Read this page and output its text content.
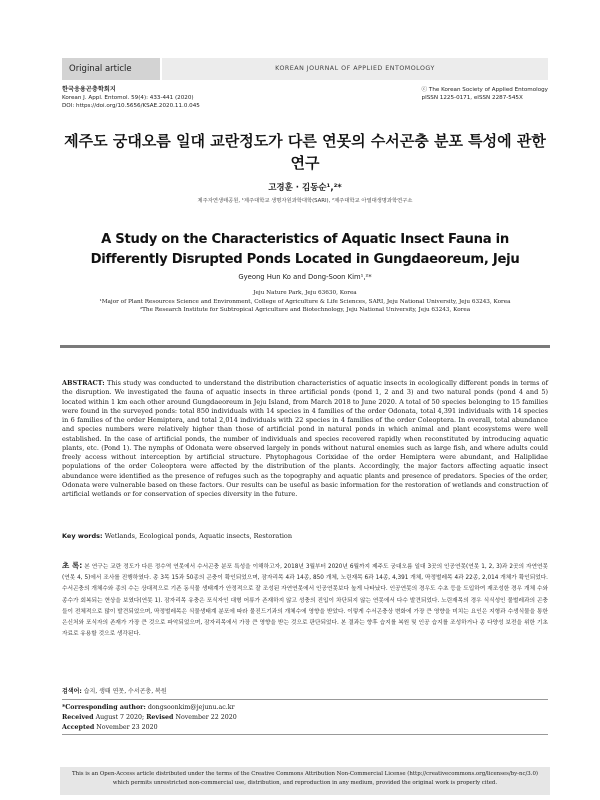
Original article	KOREAN JOURNAL OF APPLIED ENTOMOLOGY
한국응용곤충학회지
Korean J. Appl. Entomol. 59(4): 433-441 (2020)
DOI: https://doi.org/10.5656/KSAE.2020.11.0.045
ⓒ The Korean Society of Applied Entomology
pISSN 1225-0171, eISSN 2287-545X
제주도 궁대오름 일대 교란정도가 다른 연못의 수서곤충 분포 특성에 관한 연구
고경훈 · 김동순¹,²*
제주자연생태공원, ¹제주대학교 생명자원과학대학(SARI), ²제주대학교 아열대생명과학연구소
A Study on the Characteristics of Aquatic Insect Fauna in Differently Disrupted Ponds Located in Gungdaeoreum, Jeju
Gyeong Hun Ko and Dong-Soon Kim¹,²*
Jeju Nature Park, Jeju 63630, Korea
¹Major of Plant Resources Science and Environment, College of Agriculture & Life Sciences, SARI, Jeju National University, Jeju 63243, Korea
²The Research Institute for Subtropical Agriculture and Biotechnology, Jeju National University, Jeju 63243, Korea
ABSTRACT: This study was conducted to understand the distribution characteristics of aquatic insects in ecologically different ponds in terms of the disruption. We investigated the fauna of aquatic insects in three artificial ponds (pond 1, 2 and 3) and two natural ponds (pond 4 and 5) located within 1 km each other around Gungdaeoreum in Jeju Island, from March 2018 to June 2020. A total of 50 species belonging to 15 families were found in the surveyed ponds: total 850 individuals with 14 species in 4 families of the order Odonata, total 4,391 individuals with 14 species in 6 families of the order Hemiptera, and total 2,014 individuals with 22 species in 4 families of the order Coleoptera. In overall, total abundance and species numbers were relatively higher than those of artificial pond in natural ponds in which animal and plant ecosystems were well established. In the case of artificial ponds, the number of individuals and species recovered rapidly when reconstituted by introducing aquatic plants, etc. (Pond 1). The nymphs of Odonata were observed largely in ponds without natural enemies such as large fish, and where adults could freely access without interception by artificial structure. Phytophagous Corixidae of the order Hemiptera were abundant, and Haliplidae populations of the order Coleoptera were affected by the distribution of the plants. Accordingly, the major factors affecting aquatic insect abundance were identified as the presence of refuges such as the topography and aquatic plants and presence of predators. Species of the order, Odonata were vulnerable based on these factors. Our results can be useful as basic information for the restoration of wetlands and construction of artificial wetlands or for conservation of species diversity in the future.
Key words: Wetlands, Ecological ponds, Aquatic insects, Restoration
초 록: 본 연구는 교란 정도가 다른 정수역 연못에서 수서곤충 분포 특성을 이해하고자, 2018년 3월부터 2020년 6월까지 제주도 궁대오름 일대 3곳의 인공연못(연못 1, 2, 3)과 2곳의 자연연못(연못 4, 5)에서 조사를 진행하였다. 총 3목 15과 50종의 곤충이 확인되었으며, 잠자리목 4과 14종, 850 개체, 노린재목 6과 14종, 4,391 개체, 딱정벌레목 4과 22종, 2,014 개체가 확인되었다. 수서곤충의 개체수와 종의 수는 상대적으로 기존 동식물 생태계가 안정적으로 잘 조성된 자연연못에서 인공연못보다 높게 나타났다. 인공연못의 경우도 수초 등을 도입하여 재조성한 경우 개체 수와 종수가 회복되는 현상을 보였다(연못 1). 잠자리목 유충은 포식자인 대형 어류가 존재하지 않고 성충의 진입이 차단되지 않는 연못에서 다수 발견되었다. 노린재목의 경우 식식성인 물벌레과의 곤충들이 전체적으로 많이 발견되었으며, 딱정벌레목은 식물생태계 분포에 따라 물진드기과의 개체수에 영향을 받았다. 이렇게 수서곤충상 변화에 가장 큰 영향을 미치는 요인은 지형과 수생식물을 통한 은신처와 포식자의 존재가 가장 큰 것으로 파악되었으며, 잠자리목에서 가장 큰 영향을 받는 것으로 판단되었다. 본 결과는 향후 습지를 복원 및 인공 습지를 조성하거나 종 다양성 보전을 위한 기초 자료로 유용할 것으로 생각된다.
검색어: 습지, 생태 연못, 수서곤충, 복원
*Corresponding author: dongsoonkim@jejunu.ac.kr
Received August 7 2020; Revised November 22 2020
Accepted November 23 2020
This is an Open-Access article distributed under the terms of the Creative Commons Attribution Non-Commercial License (http://creativecommons.org/licenses/by-nc/3.0)
which permits unrestricted non-commercial use, distribution, and reproduction in any medium, provided the original work is properly cited.
